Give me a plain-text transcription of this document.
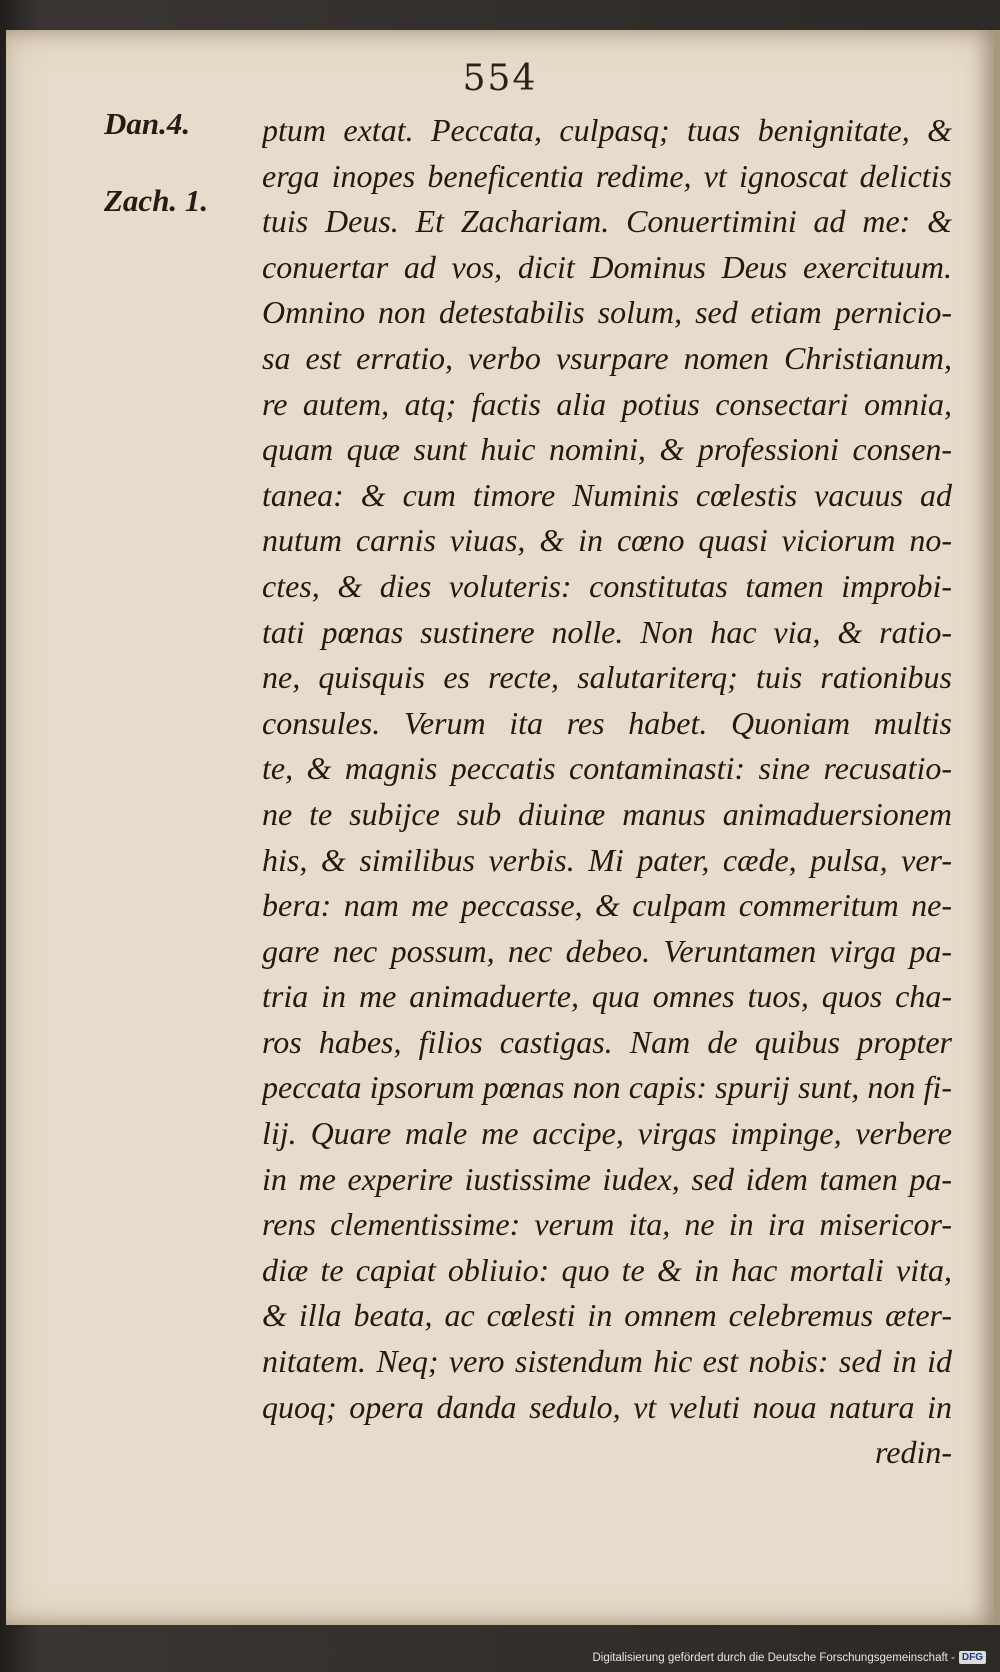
554
Dan.4.
Zach. 1.
ptum extat. Peccata, culpasq; tuas benignitate, &
erga inopes beneficentia redime, vt ignoscat delictis
tuis Deus. Et Zachariam. Conuertimini ad me: &
conuertar ad vos, dicit Dominus Deus exercituum.
Omnino non detestabilis solum, sed etiam pernicio-
sa est erratio, verbo vsurpare nomen Christianum,
re autem, atq; factis alia potius consectari omnia,
quam quæ sunt huic nomini, & professioni consen-
tanea: & cum timore Numinis cœlestis vacuus ad
nutum carnis viuas, & in cœno quasi viciorum no-
ctes, & dies voluteris: constitutas tamen improbi-
tati pœnas sustinere nolle. Non hac via, & ratio-
ne, quisquis es recte, salutariterq; tuis rationibus
consules. Verum ita res habet. Quoniam multis
te, & magnis peccatis contaminasti: sine recusatio-
ne te subijce sub diuinæ manus animaduersionem
his, & similibus verbis. Mi pater, cæde, pulsa, ver-
bera: nam me peccasse, & culpam commeritum ne-
gare nec possum, nec debeo. Veruntamen virga pa-
tria in me animaduerte, qua omnes tuos, quos cha-
ros habes, filios castigas. Nam de quibus propter
peccata ipsorum pœnas non capis: spurij sunt, non fi-
lij. Quare male me accipe, virgas impinge, verbere
in me experire iustissime iudex, sed idem tamen pa-
rens clementissime: verum ita, ne in ira misericor-
diæ te capiat obliuio: quo te & in hac mortali vita,
& illa beata, ac cœlesti in omnem celebremus æter-
nitatem. Neq; vero sistendum hic est nobis: sed in id
quoq; opera danda sedulo, vt veluti noua natura in
redin-
Digitalisierung gefördert durch die Deutsche Forschungsgemeinschaft - DFG
